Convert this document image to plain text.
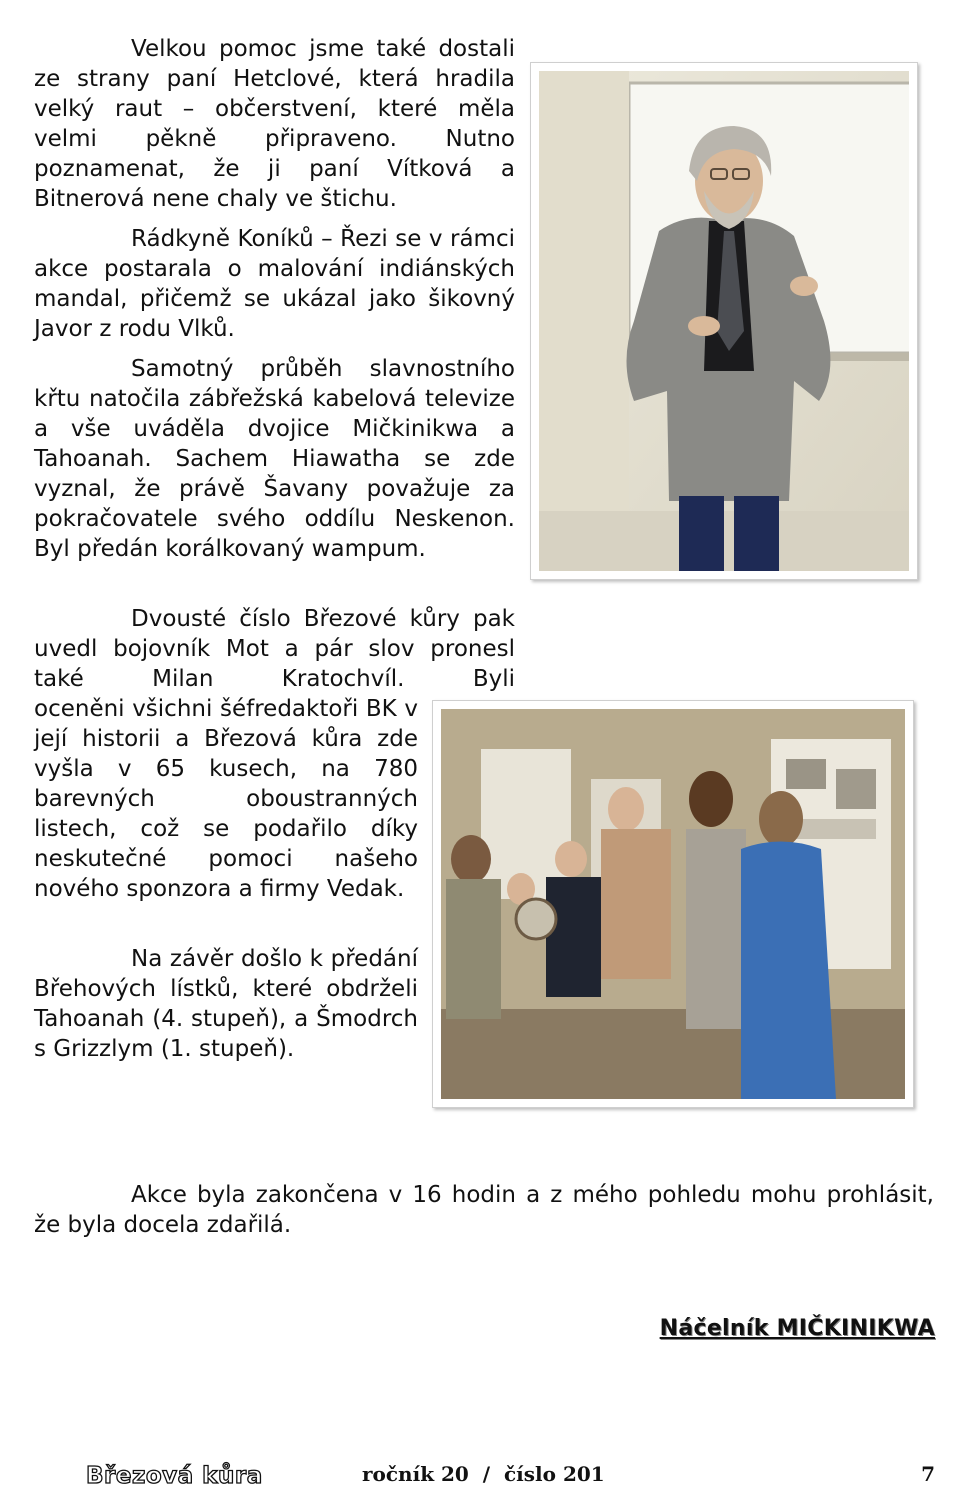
Velkou pomoc jsme také dostali ze strany paní Hetclové, která hradila velký raut – občerstvení, které měla velmi pěkně připraveno. Nutno poznamenat, že ji paní Vítková a Bitnerová nene chaly ve štichu.

Rádkyně Koníků – Řezi se v rámci akce postarala o malování indiánských mandal, přičemž se ukázal jako šikovný Javor z rodu Vlků.

Samotný průběh slavnostního křtu natočila zábřežská kabelová televize a vše uváděla dvojice Mičkinikwa a Tahoanah. Sachem Hiawatha se zde vyznal, že právě Šavany považuje za pokračovatele svého oddílu Neskenon. Byl předán korálkovaný wampum.

Dvousté číslo Březové kůry pak uvedl bojovník Mot a pár slov pronesl také Milan Kratochvíl. Byli

oceněni všichni šéfredaktoři BK v její historii a Březová kůra zde vyšla v 65 kusech, na 780 barevných oboustranných listech, což se podařilo díky neskutečné pomoci našeho nového sponzora a firmy Vedak.

Na závěr došlo k předání Břehových lístků, které obdrželi Tahoanah (4. stupeň), a Šmodrch s Grizzlym (1. stupeň).

Akce byla zakončena v 16 hodin a z mého pohledu mohu prohlásit, že byla docela zdařilá.

Náčelník MIČKINIKWA
Březová kůra	ročník 20  /  číslo 201	7
